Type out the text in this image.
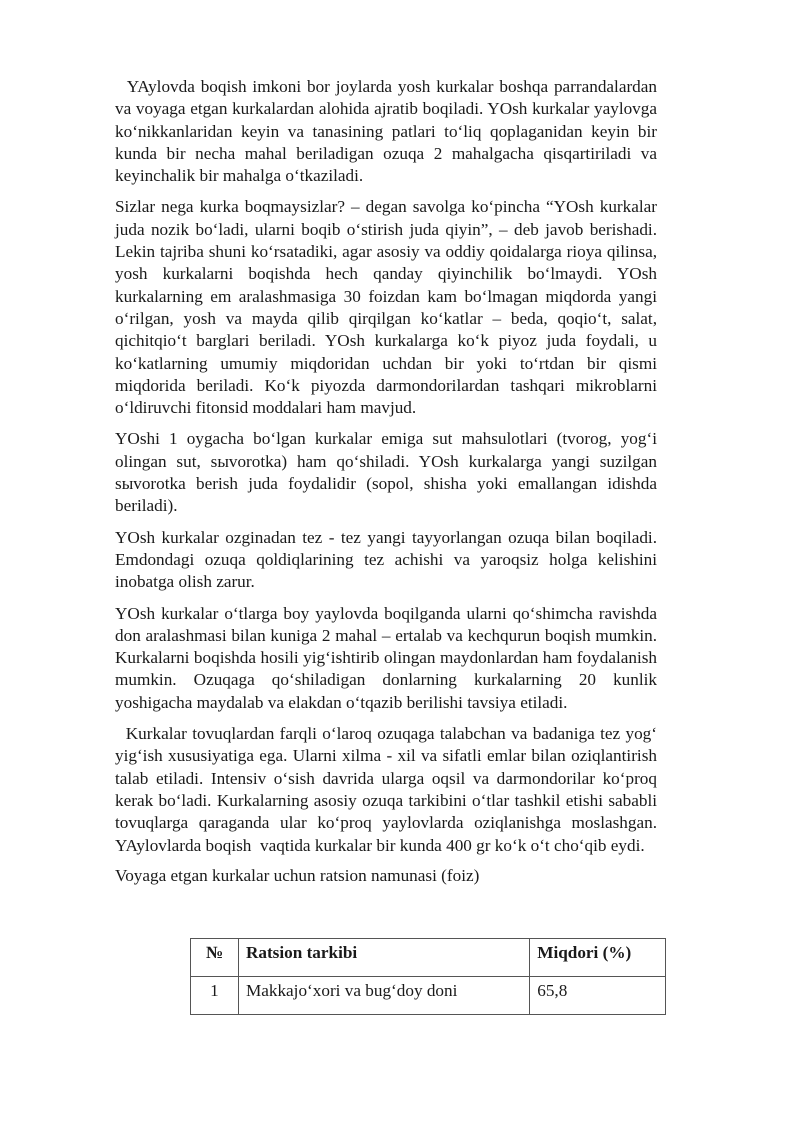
YAylovda boqish imkoni bor joylarda yosh kurkalar boshqa parrandalardan va voyaga etgan kurkalardan alohida ajratib boqiladi. YOsh kurkalar yaylovga ko‘nikkanlaridan keyin va tanasining patlari to‘liq qoplaganidan keyin bir kunda bir necha mahal beriladigan ozuqa 2 mahalgacha qisqartiriladi va keyinchalik bir mahalga o‘tkaziladi.

Sizlar nega kurka boqmaysizlar? – degan savolga ko‘pincha “YOsh kurkalar juda nozik bo‘ladi, ularni boqib o‘stirish juda qiyin”, – deb javob berishadi. Lekin tajriba shuni ko‘rsatadiki, agar asosiy va oddiy qoidalarga rioya qilinsa, yosh kurkalarni boqishda hech qanday qiyinchilik bo‘lmaydi. YOsh kurkalarning em aralashmasiga 30 foizdan kam bo‘lmagan miqdorda yangi o‘rilgan, yosh va mayda qilib qirqilgan ko‘katlar – beda, qoqio‘t, salat, qichitqio‘t barglari beriladi. YOsh kurkalarga ko‘k piyoz juda foydali, u ko‘katlarning umumiy miqdoridan uchdan bir yoki to‘rtdan bir qismi miqdorida beriladi. Ko‘k piyozda darmondorilardan tashqari mikroblarni o‘ldiruvchi fitonsid moddalari ham mavjud.

YOshi 1 oygacha bo‘lgan kurkalar emiga sut mahsulotlari (tvorog, yog‘i olingan sut, sыvorotka) ham qo‘shiladi. YOsh kurkalarga yangi suzilgan sыvorotka berish juda foydalidir (sopol, shisha yoki emallangan idishda beriladi).

YOsh kurkalar ozginadan tez - tez yangi tayyorlangan ozuqa bilan boqiladi. Emdondagi ozuqa qoldiqlarining tez achishi va yaroqsiz holga kelishini inobatga olish zarur.

YOsh kurkalar o‘tlarga boy yaylovda boqilganda ularni qo‘shimcha ravishda don aralashmasi bilan kuniga 2 mahal – ertalab va kechqurun boqish mumkin. Kurkalarni boqishda hosili yig‘ishtirib olingan maydonlardan ham foydalanish mumkin. Ozuqaga qo‘shiladigan donlarning kurkalarning 20 kunlik yoshigacha maydalab va elakdan o‘tqazib berilishi tavsiya etiladi.

Kurkalar tovuqlardan farqli o‘laroq ozuqaga talabchan va badaniga tez yog‘ yig‘ish xususiyatiga ega. Ularni xilma - xil va sifatli emlar bilan oziqlantirish talab etiladi. Intensiv o‘sish davrida ularga oqsil va darmondorilar ko‘proq kerak bo‘ladi. Kurkalarning asosiy ozuqa tarkibini o‘tlar tashkil etishi sababli tovuqlarga qaraganda ular ko‘proq yaylovlarda oziqlanishga moslashgan. YAylovlarda boqish  vaqtida kurkalar bir kunda 400 gr ko‘k o‘t cho‘qib eydi.

Voyaga etgan kurkalar uchun ratsion namunasi (foiz)

№	Ratsion tarkibi	Miqdori (%)
1	Makkajo‘xori va bug‘doy doni	65,8
